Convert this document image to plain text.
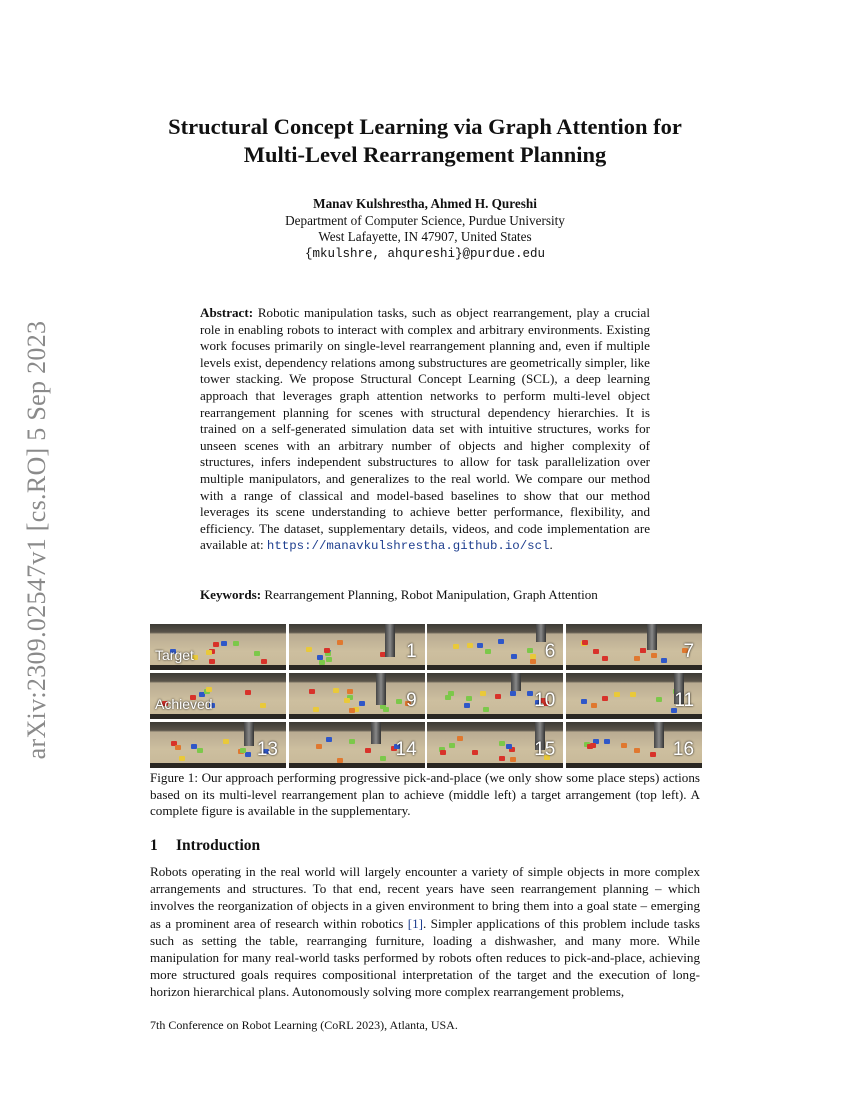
arXiv:2309.02547v1 [cs.RO] 5 Sep 2023
Structural Concept Learning via Graph Attention for
Multi-Level Rearrangement Planning
Manav Kulshrestha, Ahmed H. Qureshi
Department of Computer Science, Purdue University
West Lafayette, IN 47907, United States
{mkulshre, ahqureshi}@purdue.edu
Abstract: Robotic manipulation tasks, such as object rearrangement, play a crucial role in enabling robots to interact with complex and arbitrary environments. Existing work focuses primarily on single-level rearrangement planning and, even if multiple levels exist, dependency relations among substructures are geometrically simpler, like tower stacking. We propose Structural Concept Learning (SCL), a deep learning approach that leverages graph attention networks to perform multi-level object rearrangement planning for scenes with structural dependency hierarchies. It is trained on a self-generated simulation data set with intuitive structures, works for unseen scenes with an arbitrary number of objects and higher complexity of structures, infers independent substructures to allow for task parallelization over multiple manipulators, and generalizes to the real world. We compare our method with a range of classical and model-based baselines to show that our method leverages its scene understanding to achieve better performance, flexibility, and efficiency. The dataset, supplementary details, videos, and code implementation are available at: https://manavkulshrestha.github.io/scl.
Keywords: Rearrangement Planning, Robot Manipulation, Graph Attention
Target	1	6	7
Achieved	9	10	11
13	14	15	16
Figure 1: Our approach performing progressive pick-and-place (we only show some place steps) actions based on its multi-level rearrangement plan to achieve (middle left) a target arrangement (top left). A complete figure is available in the supplementary.
1 Introduction
Robots operating in the real world will largely encounter a variety of simple objects in more complex arrangements and structures. To that end, recent years have seen rearrangement planning – which involves the reorganization of objects in a given environment to bring them into a goal state – emerging as a prominent area of research within robotics [1]. Simpler applications of this problem include tasks such as setting the table, rearranging furniture, loading a dishwasher, and many more. While manipulation for many real-world tasks performed by robots often reduces to pick-and-place, achieving more structured goals requires compositional interpretation of the target and the execution of long-horizon hierarchical plans. Autonomously solving more complex rearrangement problems,
7th Conference on Robot Learning (CoRL 2023), Atlanta, USA.
